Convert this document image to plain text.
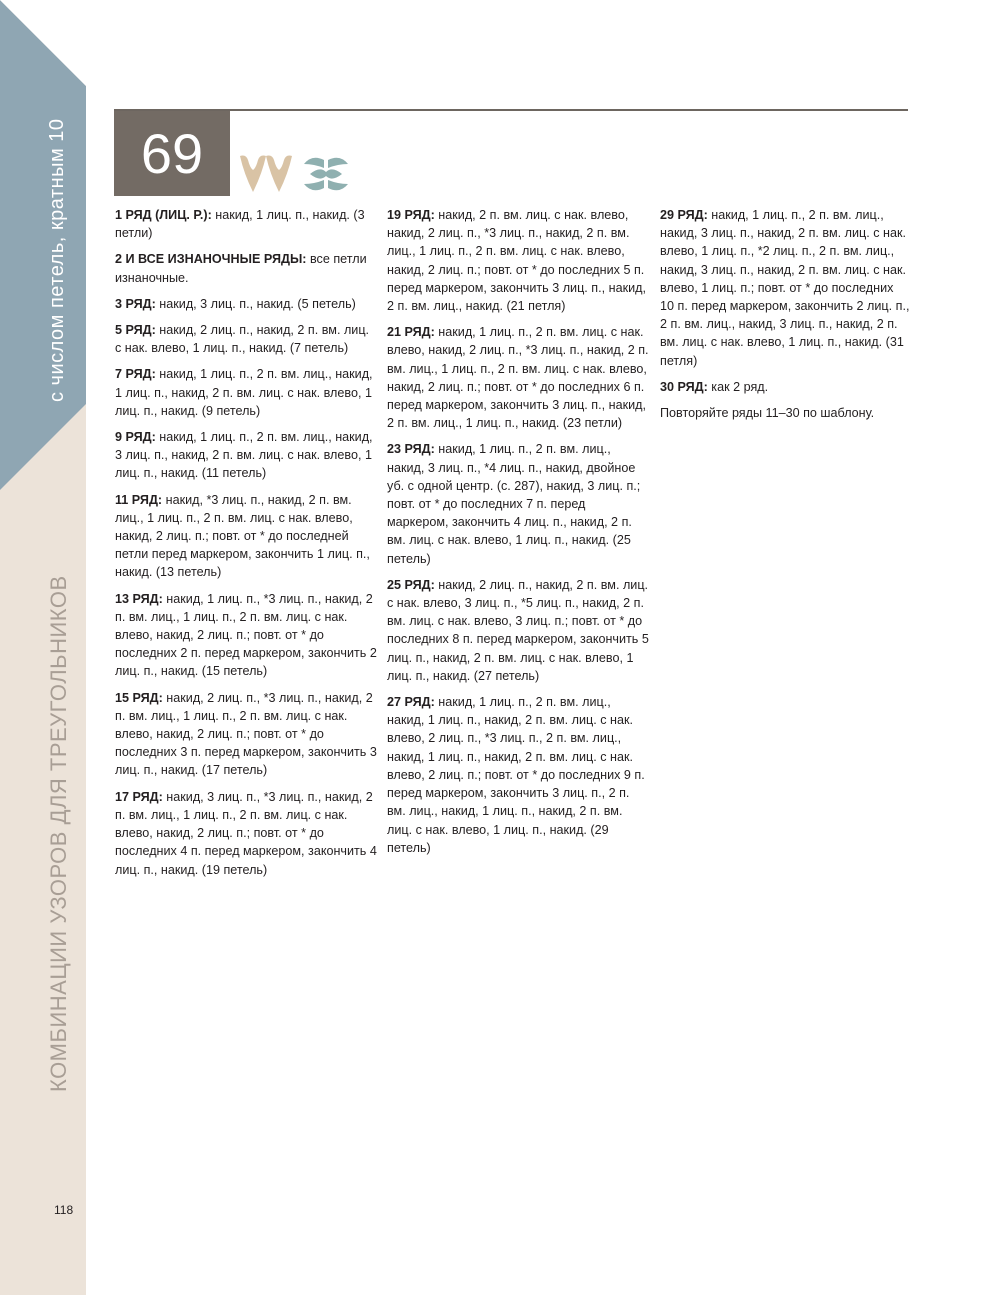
КОМБИНАЦИИ УЗОРОВ ДЛЯ ТРЕУГОЛЬНИКОВ
с числом петель, кратным 10	69

1 РЯД (ЛИЦ. Р.): накид, 1 лиц. п., накид. (3 петли)

2 И ВСЕ ИЗНАНОЧНЫЕ РЯДЫ: все петли изнаночные.

3 РЯД: накид, 3 лиц. п., накид. (5 петель)

5 РЯД: накид, 2 лиц. п., накид, 2 п. вм. лиц. с нак. влево, 1 лиц. п., накид. (7 петель)

7 РЯД: накид, 1 лиц. п., 2 п. вм. лиц., накид, 1 лиц. п., накид, 2 п. вм. лиц. с нак. влево, 1 лиц. п., накид. (9 петель)

9 РЯД: накид, 1 лиц. п., 2 п. вм. лиц., накид, 3 лиц. п., накид, 2 п. вм. лиц. с нак. влево, 1 лиц. п., накид. (11 петель)

11 РЯД: накид, *3 лиц. п., накид, 2 п. вм. лиц., 1 лиц. п., 2 п. вм. лиц. с нак. влево, накид, 2 лиц. п.; повт. от * до последней петли перед маркером, закончить 1 лиц. п., накид. (13 петель)

13 РЯД: накид, 1 лиц. п., *3 лиц. п., накид, 2 п. вм. лиц., 1 лиц. п., 2 п. вм. лиц. с нак. влево, накид, 2 лиц. п.; повт. от * до последних 2 п. перед маркером, закончить 2 лиц. п., накид. (15 петель)

15 РЯД: накид, 2 лиц. п., *3 лиц. п., накид, 2 п. вм. лиц., 1 лиц. п., 2 п. вм. лиц. с нак. влево, накид, 2 лиц. п.; повт. от * до последних 3 п. перед маркером, закончить 3 лиц. п., накид. (17 петель)

17 РЯД: накид, 3 лиц. п., *3 лиц. п., накид, 2 п. вм. лиц., 1 лиц. п., 2 п. вм. лиц. с нак. влево, накид, 2 лиц. п.; повт. от * до последних 4 п. перед маркером, закончить 4 лиц. п., накид. (19 петель)

19 РЯД: накид, 2 п. вм. лиц. с нак. влево, накид, 2 лиц. п., *3 лиц. п., накид, 2 п. вм. лиц., 1 лиц. п., 2 п. вм. лиц. с нак. влево, накид, 2 лиц. п.; повт. от * до последних 5 п. перед маркером, закончить 3 лиц. п., накид, 2 п. вм. лиц., накид. (21 петля)

21 РЯД: накид, 1 лиц. п., 2 п. вм. лиц. с нак. влево, накид, 2 лиц. п., *3 лиц. п., накид, 2 п. вм. лиц., 1 лиц. п., 2 п. вм. лиц. с нак. влево, накид, 2 лиц. п.; повт. от * до последних 6 п. перед маркером, закончить 3 лиц. п., накид, 2 п. вм. лиц., 1 лиц. п., накид. (23 петли)

23 РЯД: накид, 1 лиц. п., 2 п. вм. лиц., накид, 3 лиц. п., *4 лиц. п., накид, двойное уб. с одной центр. (с. 287), накид, 3 лиц. п.; повт. от * до последних 7 п. перед маркером, закончить 4 лиц. п., накид, 2 п. вм. лиц. с нак. влево, 1 лиц. п., накид. (25 петель)

25 РЯД: накид, 2 лиц. п., накид, 2 п. вм. лиц. с нак. влево, 3 лиц. п., *5 лиц. п., накид, 2 п. вм. лиц. с нак. влево, 3 лиц. п.; повт. от * до последних 8 п. перед маркером, закончить 5 лиц. п., накид, 2 п. вм. лиц. с нак. влево, 1 лиц. п., накид. (27 петель)

27 РЯД: накид, 1 лиц. п., 2 п. вм. лиц., накид, 1 лиц. п., накид, 2 п. вм. лиц. с нак. влево, 2 лиц. п., *3 лиц. п., 2 п. вм. лиц., накид, 1 лиц. п., накид, 2 п. вм. лиц. с нак. влево, 2 лиц. п.; повт. от * до последних 9 п. перед маркером, закончить 3 лиц. п., 2 п. вм. лиц., накид, 1 лиц. п., накид, 2 п. вм. лиц. с нак. влево, 1 лиц. п., накид. (29 петель)

29 РЯД: накид, 1 лиц. п., 2 п. вм. лиц., накид, 3 лиц. п., накид, 2 п. вм. лиц. с нак. влево, 1 лиц. п., *2 лиц. п., 2 п. вм. лиц., накид, 3 лиц. п., накид, 2 п. вм. лиц. с нак. влево, 1 лиц. п.; повт. от * до последних 10 п. перед маркером, закончить 2 лиц. п., 2 п. вм. лиц., накид, 3 лиц. п., накид, 2 п. вм. лиц. с нак. влево, 1 лиц. п., накид. (31 петля)

30 РЯД: как 2 ряд.

Повторяйте ряды 11–30 по шаблону.

118
